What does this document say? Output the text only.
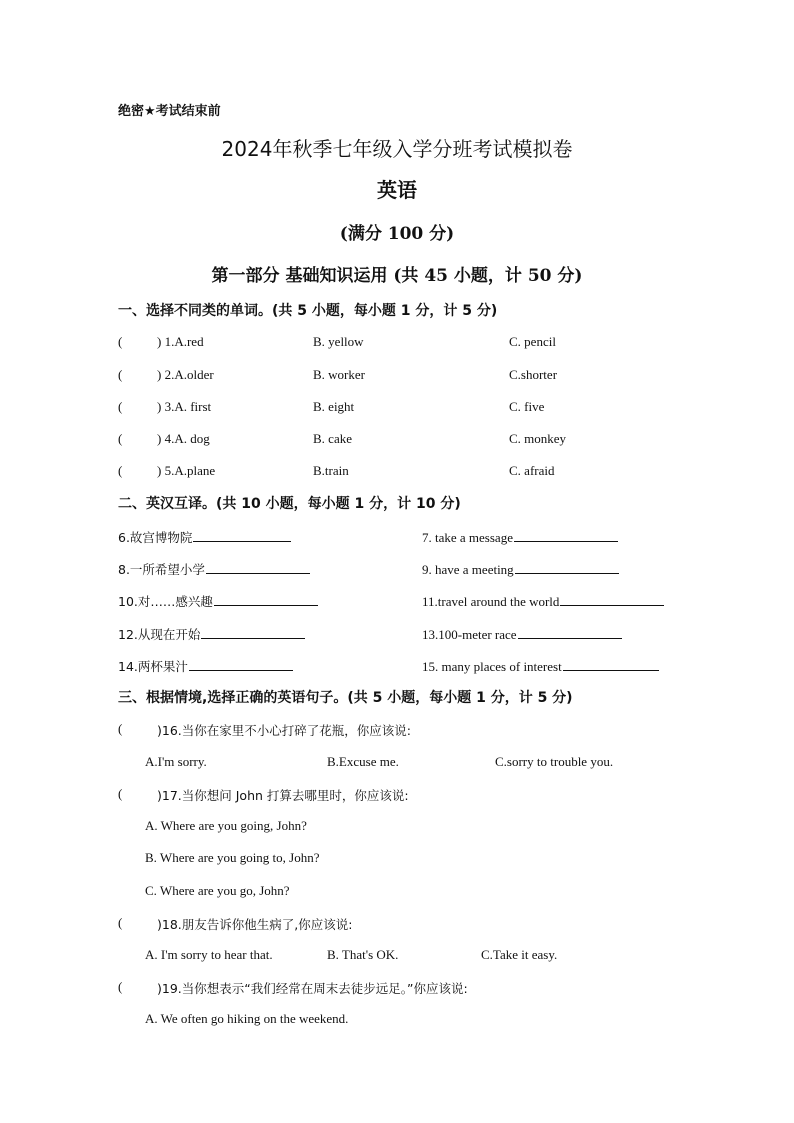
绝密★考试结束前
2024年秋季七年级入学分班考试模拟卷
英语
(满分 100 分)
第一部分 基础知识运用 (共 45 小题，计 50 分)
一、选择不同类的单词。(共 5 小题，每小题 1 分，计 5 分)
(	) 1.A.red	B. yellow	C. pencil
(	) 2.A.older	B. worker	C.shorter
(	) 3.A. first	B. eight	C. five
(	) 4.A. dog	B. cake	C. monkey
(	) 5.A.plane	B.train	C. afraid
二、英汉互译。(共 10 小题，每小题 1 分，计 10 分)
6.故宫博物院	7. take a message
8.一所希望小学	9. have a meeting
10.对……感兴趣	11.travel around the world
12.从现在开始	13.100-meter race
14.两杯果汁	15. many places of interest
三、根据情境,选择正确的英语句子。(共 5 小题，每小题 1 分，计 5 分)
(	)16.当你在家里不小心打碎了花瓶，你应该说:
A.I'm sorry.	B.Excuse me.	C.sorry to trouble you.
(	)17.当你想问 John 打算去哪里时，你应该说:
A. Where are you going, John?
B. Where are you going to, John?
C. Where are you go, John?
(	)18.朋友告诉你他生病了,你应该说:
A. I'm sorry to hear that.	B. That's OK.	C.Take it easy.
(	)19.当你想表示“我们经常在周末去徒步远足。”你应该说:
A. We often go hiking on the weekend.
